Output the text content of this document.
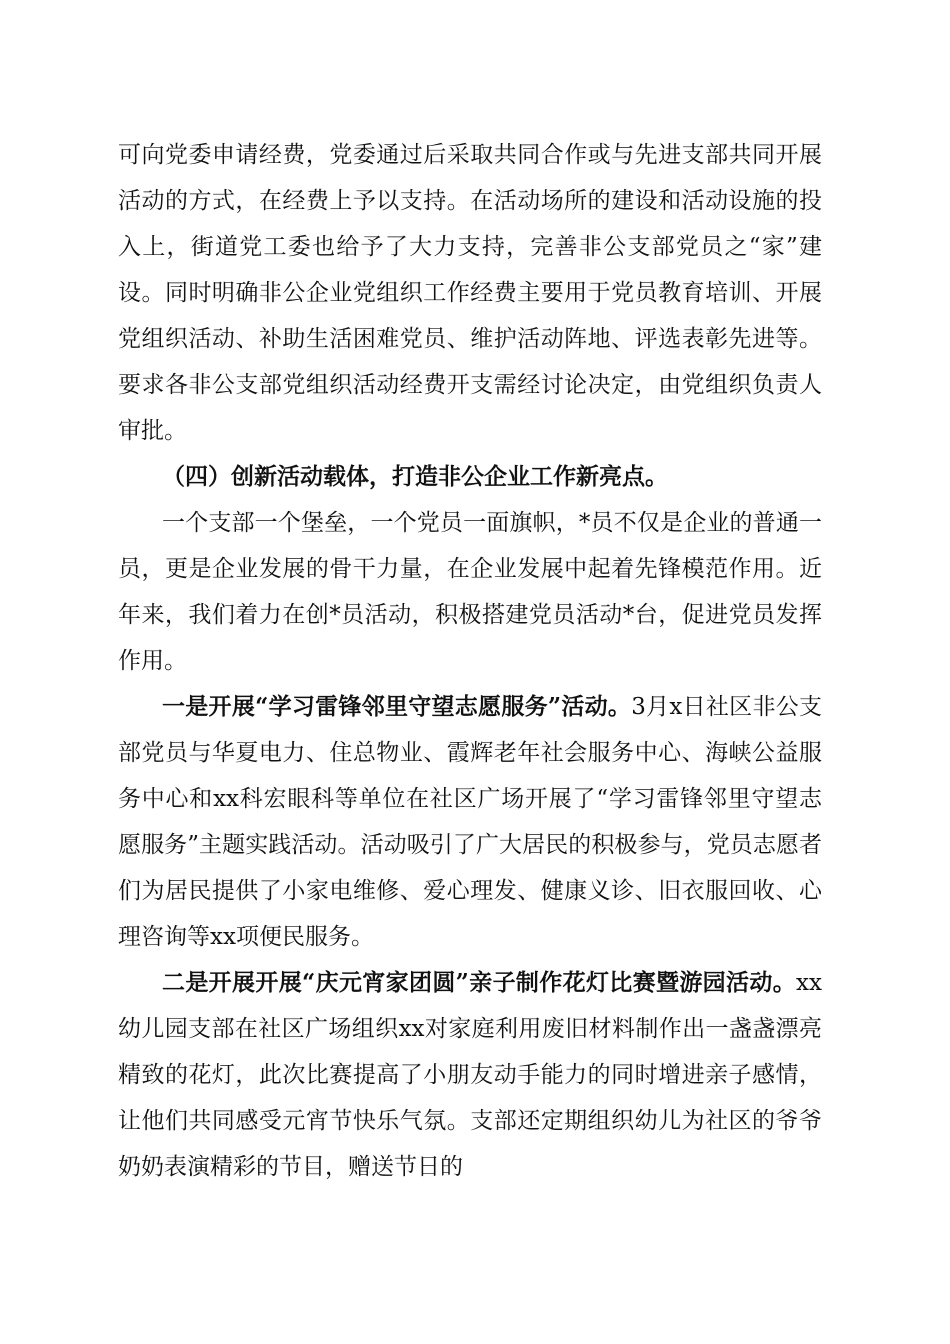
可向党委申请经费，党委通过后采取共同合作或与先进支部共同开展活动的方式，在经费上予以支持。在活动场所的建设和活动设施的投入上，街道党工委也给予了大力支持，完善非公支部党员之“家”建设。同时明确非公企业党组织工作经费主要用于党员教育培训、开展党组织活动、补助生活困难党员、维护活动阵地、评选表彰先进等。要求各非公支部党组织活动经费开支需经讨论决定，由党组织负责人审批。

（四）创新活动载体，打造非公企业工作新亮点。

一个支部一个堡垒，一个党员一面旗帜，*员不仅是企业的普通一员，更是企业发展的骨干力量，在企业发展中起着先锋模范作用。近年来，我们着力在创*员活动，积极搭建党员活动*台，促进党员发挥作用。

一是开展“学习雷锋邻里守望志愿服务”活动。3月x日社区非公支部党员与华夏电力、住总物业、霞辉老年社会服务中心、海峡公益服务中心和xx科宏眼科等单位在社区广场开展了“学习雷锋邻里守望志愿服务”主题实践活动。活动吸引了广大居民的积极参与，党员志愿者们为居民提供了小家电维修、爱心理发、健康义诊、旧衣服回收、心理咨询等xx项便民服务。

二是开展开展“庆元宵家团圆”亲子制作花灯比赛暨游园活动。xx幼儿园支部在社区广场组织xx对家庭利用废旧材料制作出一盏盏漂亮精致的花灯，此次比赛提高了小朋友动手能力的同时增进亲子感情，让他们共同感受元宵节快乐气氛。支部还定期组织幼儿为社区的爷爷奶奶表演精彩的节目，赠送节日的
